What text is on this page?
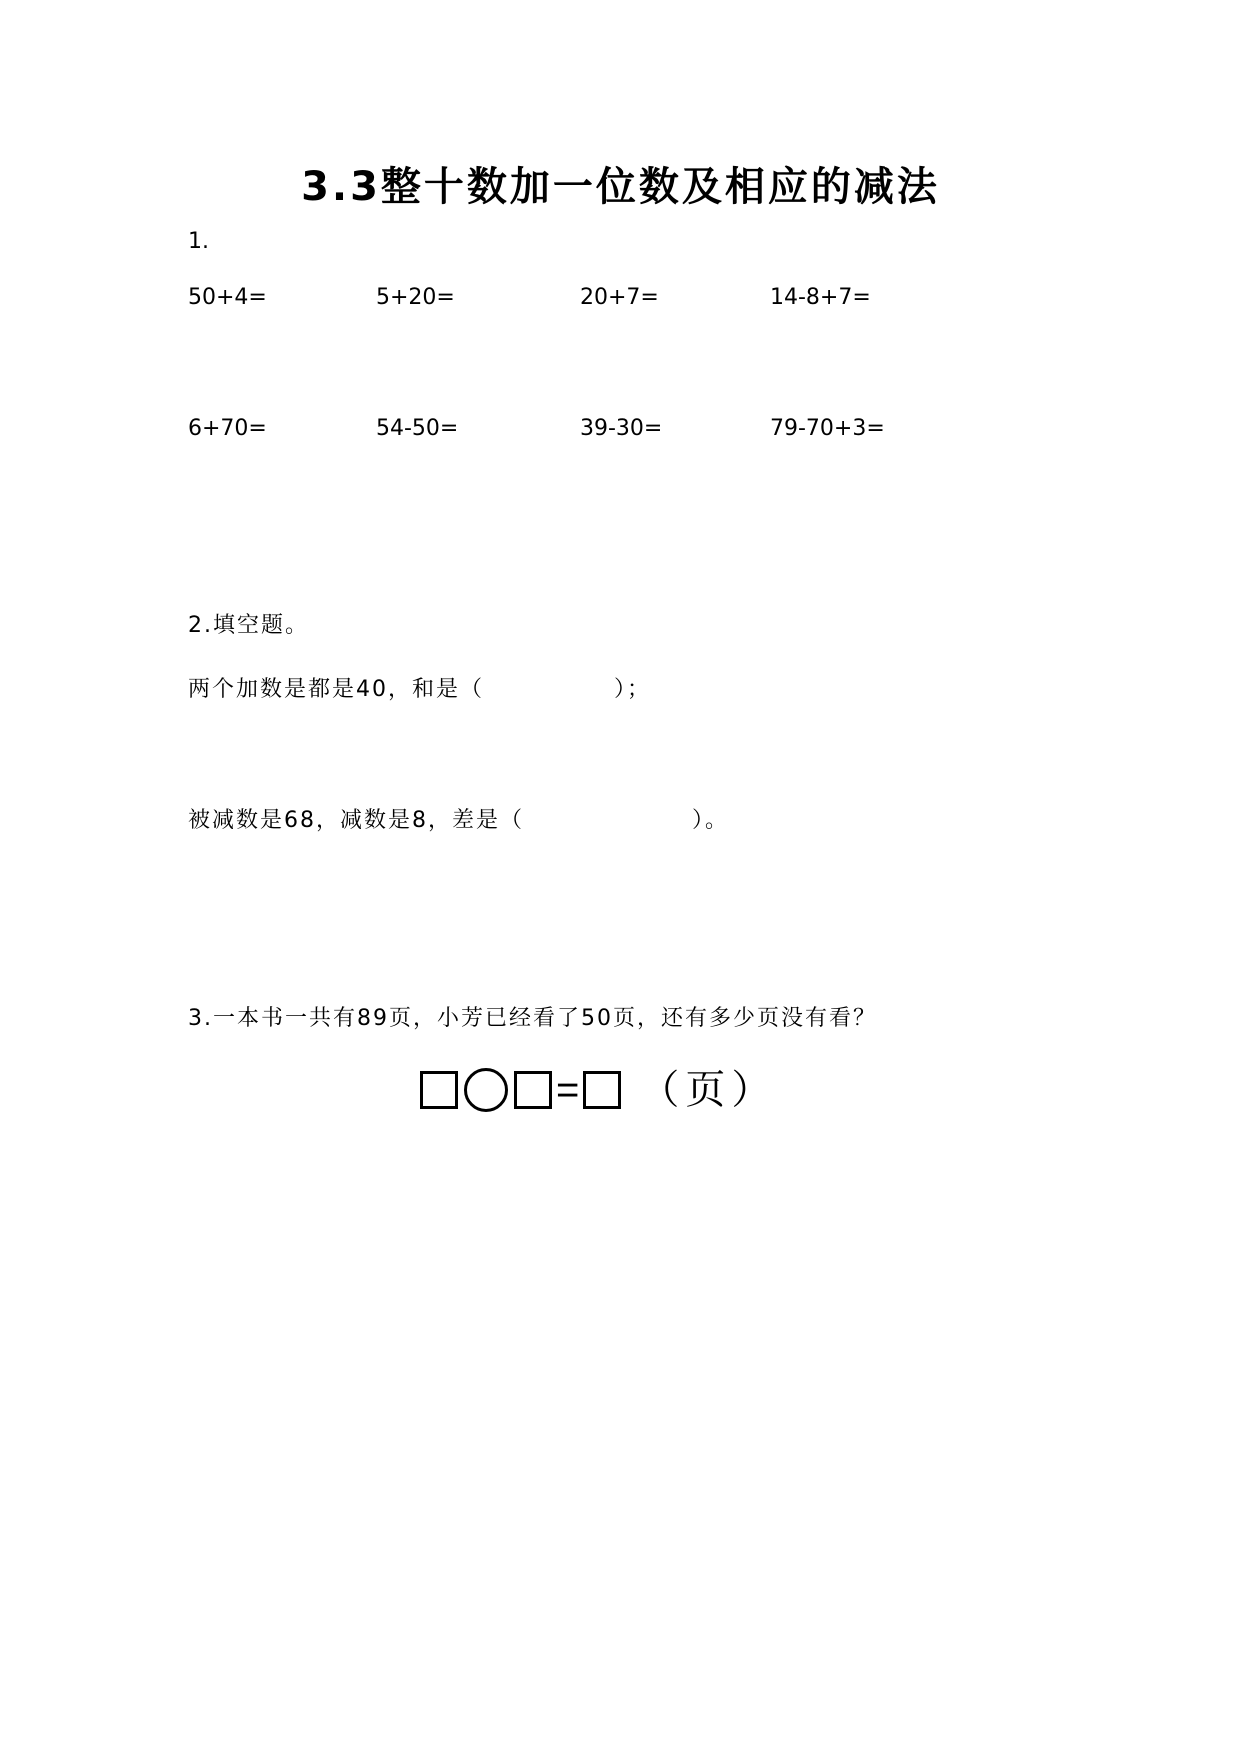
3.3整十数加一位数及相应的减法
1.
50+4=	5+20=	20+7=	14-8+7=
6+70=	54-50=	39-30=	79-70+3=
2.填空题。
两个加数是都是40，和是（	）；
被减数是68，减数是8，差是（	）。
3.一本书一共有89页，小芳已经看了50页，还有多少页没有看？
= （页）
